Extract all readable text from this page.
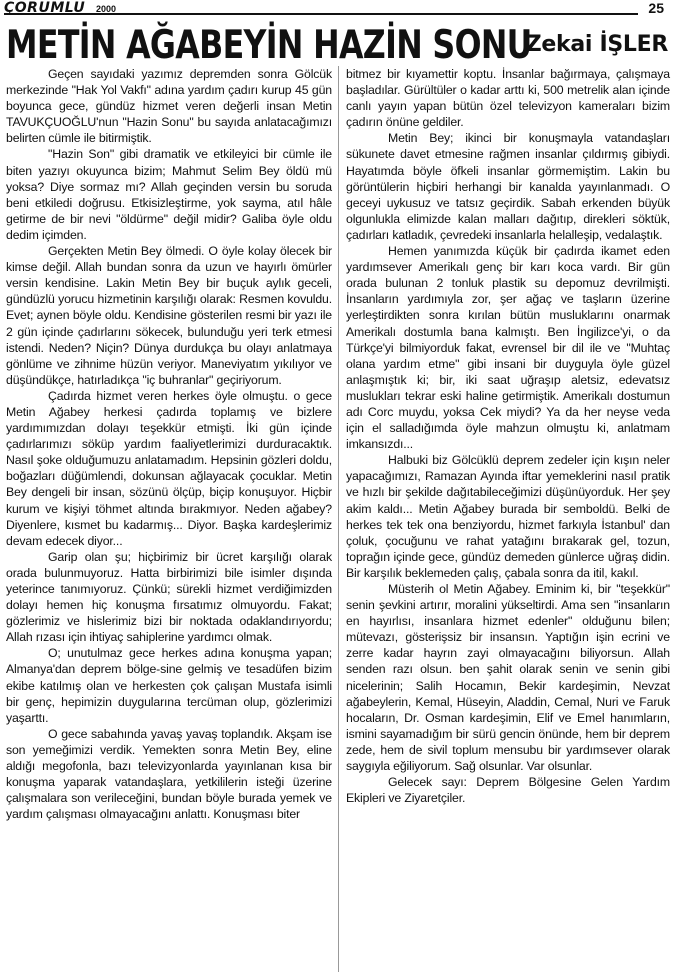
ÇORUMLU 2000	25
METİN AĞABEYİN HAZİN SONU
Zekai İŞLER

Geçen sayıdaki yazımız depremden sonra Gölcük merkezinde "Hak Yol Vakfı" adına yardım çadırı kurup 45 gün boyunca gece, gündüz hizmet veren değerli insan Metin TAVUKÇUOĞLU'nun "Hazin Sonu" bu sayıda anlatacağımızı belirten cümle ile bitirmiştik.

"Hazin Son" gibi dramatik ve etkileyici bir cümle ile biten yazıyı okuyunca bizim; Mahmut Selim Bey öldü mü yoksa? Diye sormaz mı? Allah geçinden versin bu soruda beni etkiledi doğrusu. Etkisizleştirme, yok sayma, atıl hâle getirme de bir nevi "öldürme" değil midir? Galiba öyle oldu dedim içimden.

Gerçekten Metin Bey ölmedi. O öyle kolay ölecek bir kimse değil. Allah bundan sonra da uzun ve hayırlı ömürler versin kendisine. Lakin Metin Bey bir buçuk aylık geceli, gündüzlü yorucu hizmetinin karşılığı olarak: Resmen kovuldu. Evet; aynen böyle oldu. Kendisine gösterilen resmi bir yazı ile 2 gün içinde çadırlarını sökecek, bulunduğu yeri terk etmesi istendi. Neden? Niçin? Dünya durdukça bu olayı anlatmaya gönlüme ve zihnime hüzün veriyor. Maneviyatım yıkılıyor ve düşündükçe, hatırladıkça "iç buhranlar" geçiriyorum.

Çadırda hizmet veren herkes öyle olmuştu. o gece Metin Ağabey herkesi çadırda toplamış ve bizlere yardımımızdan dolayı teşekkür etmişti. İki gün içinde çadırlarımızı söküp yardım faaliyetlerimizi durduracaktık. Nasıl şoke olduğumuzu anlatamadım. Hepsinin gözleri doldu, boğazları düğümlendi, dokunsan ağlayacak çocuklar. Metin Bey dengeli bir insan, sözünü ölçüp, biçip konuşuyor. Hiçbir kurum ve kişiyi töhmet altında bırakmıyor. Neden ağabey? Diyenlere, kısmet bu kadarmış... Diyor. Başka kardeşlerimiz devam edecek diyor...

Garip olan şu; hiçbirimiz bir ücret karşılığı olarak orada bulunmuyoruz. Hatta birbirimizi bile isimler dışında yeterince tanımıyoruz. Çünkü; sürekli hizmet verdiğimizden dolayı hemen hiç konuşma fırsatımız olmuyordu. Fakat; gözlerimiz ve hislerimiz bizi bir noktada odaklandırıyordu; Allah rızası için ihtiyaç sahiplerine yardımcı olmak.

O; unutulmaz gece herkes adına konuşma yapan; Almanya'dan deprem bölge-sine gelmiş ve tesadüfen bizim ekibe katılmış olan ve herkesten çok çalışan Mustafa isimli bir genç, hepimizin duygularına tercüman olup, gözlerimizi yaşarttı.

O gece sabahında yavaş yavaş toplandık. Akşam ise son yemeğimizi verdik. Yemekten sonra Metin Bey, eline aldığı megofonla, bazı televizyonlarda yayınlanan kısa bir konuşma yaparak vatandaşlara, yetkililerin isteği üzerine çalışmalara son verileceğini, bundan böyle burada yemek ve yardım çalışması olmayacağını anlattı. Konuşması biter

bitmez bir kıyamettir koptu. İnsanlar bağırmaya, çalışmaya başladılar. Gürültüler o kadar arttı ki, 500 metrelik alan içinde canlı yayın yapan bütün özel televizyon kameraları bizim çadırın önüne geldiler.

Metin Bey; ikinci bir konuşmayla vatandaşları sükunete davet etmesine rağmen insanlar çıldırmış gibiydi. Hayatımda böyle öfkeli insanlar görmemiştim. Lakin bu görüntülerin hiçbiri herhangi bir kanalda yayınlanmadı. O geceyi uykusuz ve tatsız geçirdik. Sabah erkenden büyük olgunlukla elimizde kalan malları dağıtıp, direkleri söktük, çadırları katladık, çevredeki insanlarla helalleşip, vedalaştık.

Hemen yanımızda küçük bir çadırda ikamet eden yardımsever Amerikalı genç bir karı koca vardı. Bir gün orada bulunan 2 tonluk plastik su depomuz devrilmişti. İnsanların yardımıyla zor, şer ağaç ve taşların üzerine yerleştirdikten sonra kırılan bütün musluklarını onarmak Amerikalı dostumla bana kalmıştı. Ben İngilizce'yi, o da Türkçe'yi bilmiyorduk fakat, evrensel bir dil ile ve "Muhtaç olana yardım etme" gibi insani bir duyguyla öyle güzel anlaşmıştık ki; bir, iki saat uğraşıp aletsiz, edevatsız muslukları tekrar eski haline getirmiştik. Amerikalı dostumun adı Corc muydu, yoksa Cek miydi? Ya da her neyse veda için el salladığımda öyle mahzun olmuştu ki, anlatmam imkansızdı...

Halbuki biz Gölcüklü deprem zedeler için kışın neler yapacağımızı, Ramazan Ayında iftar yemeklerini nasıl pratik ve hızlı bir şekilde dağıtabileceğimizi düşünüyorduk. Her şey akim kaldı... Metin Ağabey burada bir semboldü. Belki de herkes tek tek ona benziyordu, hizmet farkıyla İstanbul' dan çoluk, çocuğunu ve rahat yatağını bırakarak gel, tozun, toprağın içinde gece, gündüz demeden günlerce uğraş didin. Bir karşılık beklemeden çalış, çabala sonra da itil, kakıl.

Müsterih ol Metin Ağabey. Eminim ki, bir "teşekkür" senin şevkini artırır, moralini yükseltirdi. Ama sen "insanların en hayırlısı, insanlara hizmet edenler" olduğunu bilen; mütevazı, gösterişsiz bir insansın. Yaptığın işin ecrini ve zerre kadar hayrın zayi olmayacağını biliyorsun. Allah senden razı olsun. ben şahit olarak senin ve senin gibi nicelerinin; Salih Hocamın, Bekir kardeşimin, Nevzat ağabeylerin, Kemal, Hüseyin, Aladdin, Cemal, Nuri ve Faruk hocaların, Dr. Osman kardeşimin, Elif ve Emel hanımların, ismini sayamadığım bir sürü gencin önünde, hem bir deprem zede, hem de sivil toplum mensubu bir yardımsever olarak saygıyla eğiliyorum. Sağ olsunlar. Var olsunlar.

Gelecek sayı: Deprem Bölgesine Gelen Yardım Ekipleri ve Ziyaretçiler.
